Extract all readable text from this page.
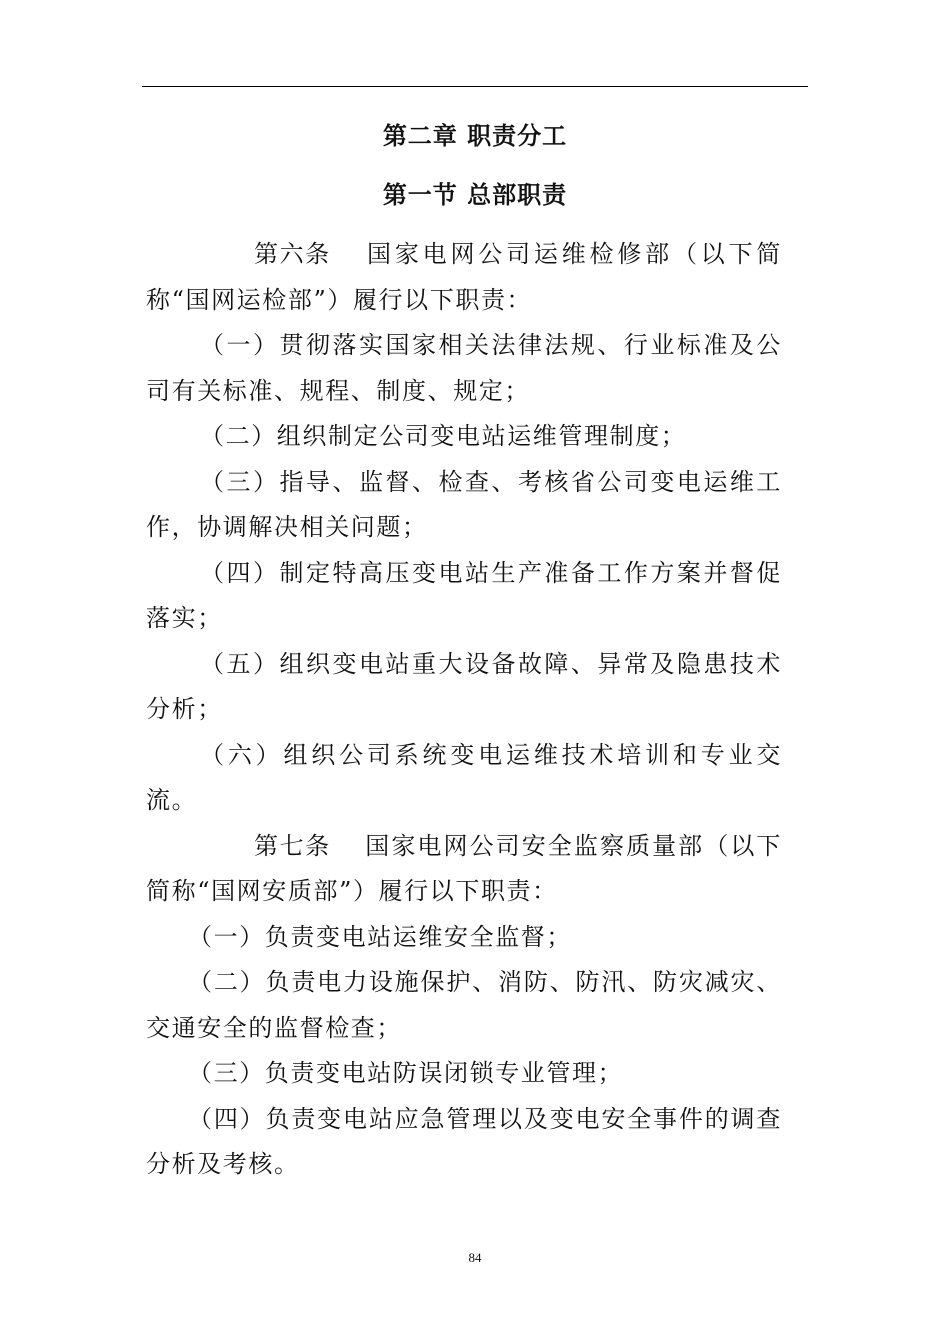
第二章 职责分工
第一节 总部职责

第六条 国家电网公司运维检修部（以下简称“国网运检部”）履行以下职责：

（一）贯彻落实国家相关法律法规、行业标准及公司有关标准、规程、制度、规定；

（二）组织制定公司变电站运维管理制度；

（三）指导、监督、检查、考核省公司变电运维工作，协调解决相关问题；

（四）制定特高压变电站生产准备工作方案并督促落实；

（五）组织变电站重大设备故障、异常及隐患技术分析；

（六）组织公司系统变电运维技术培训和专业交流。

第七条 国家电网公司安全监察质量部（以下简称“国网安质部”）履行以下职责：

（一）负责变电站运维安全监督；

（二）负责电力设施保护、消防、防汛、防灾减灾、交通安全的监督检查；

（三）负责变电站防误闭锁专业管理；

（四）负责变电站应急管理以及变电安全事件的调查分析及考核。

84
